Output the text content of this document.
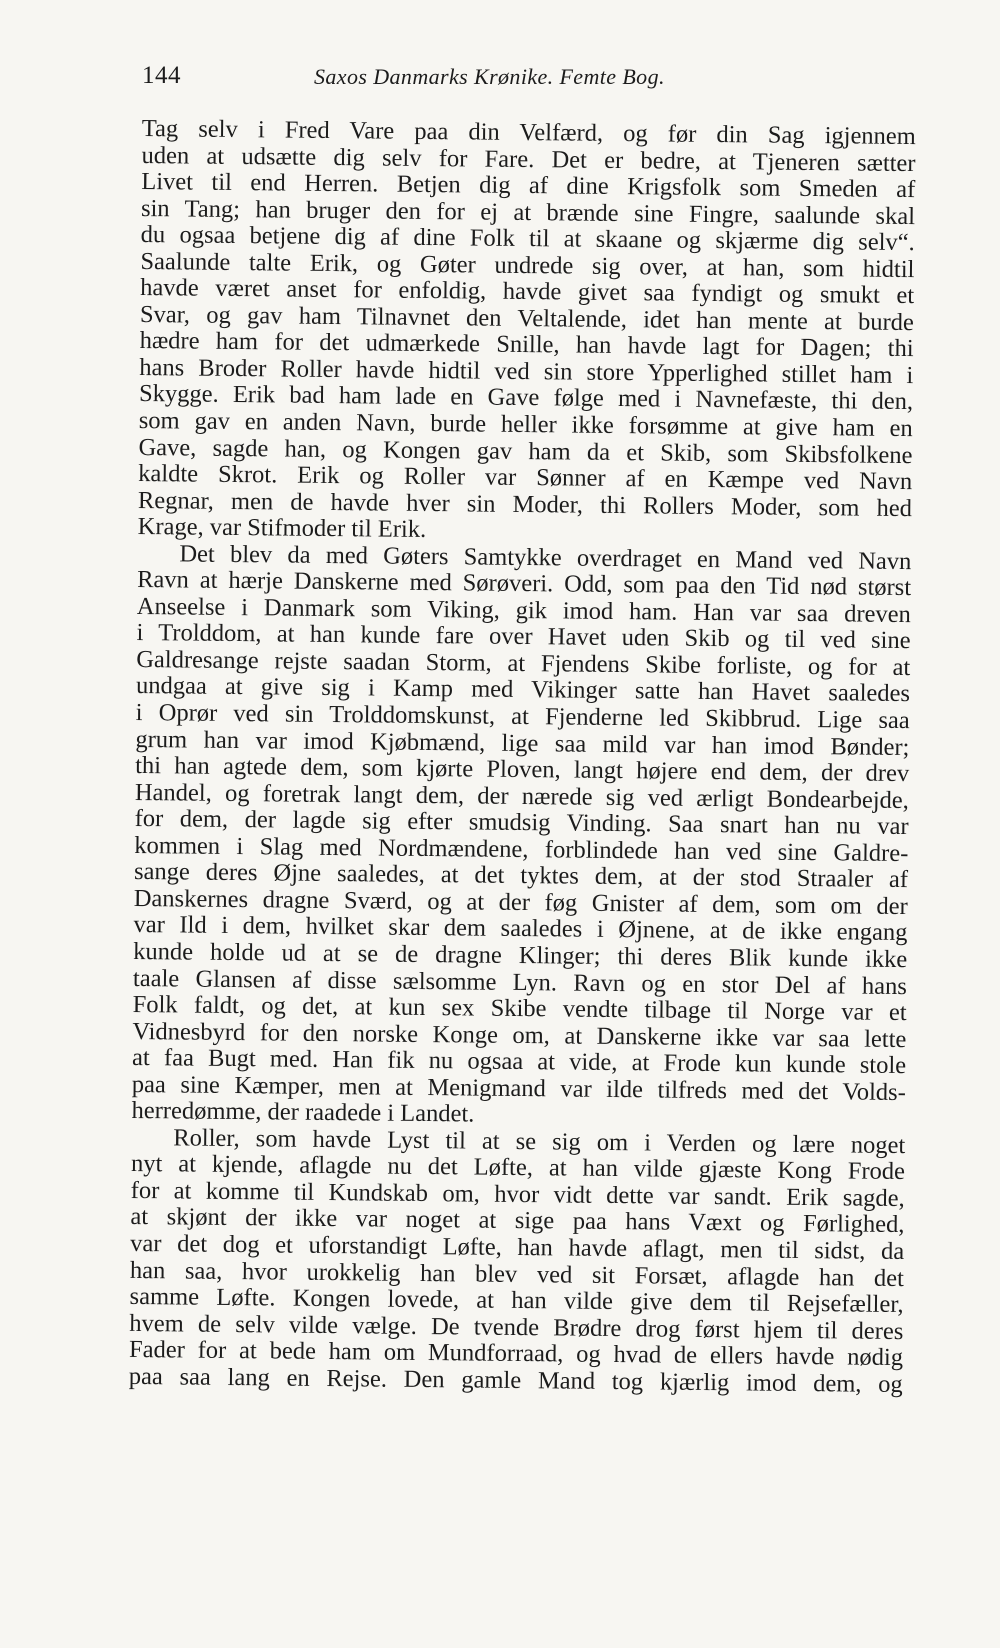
144	Saxos Danmarks Krønike. Femte Bog.
Tag selv i Fred Vare paa din Velfærd, og før din Sag igjennem
uden at udsætte dig selv for Fare. Det er bedre, at Tjeneren sætter
Livet til end Herren. Betjen dig af dine Krigsfolk som Smeden af
sin Tang; han bruger den for ej at brænde sine Fingre, saalunde skal
du ogsaa betjene dig af dine Folk til at skaane og skjærme dig selv“.
Saalunde talte Erik, og Gøter undrede sig over, at han, som hidtil
havde været anset for enfoldig, havde givet saa fyndigt og smukt et
Svar, og gav ham Tilnavnet den Veltalende, idet han mente at burde
hædre ham for det udmærkede Snille, han havde lagt for Dagen; thi
hans Broder Roller havde hidtil ved sin store Ypperlighed stillet ham i
Skygge. Erik bad ham lade en Gave følge med i Navnefæste, thi den,
som gav en anden Navn, burde heller ikke forsømme at give ham en
Gave, sagde han, og Kongen gav ham da et Skib, som Skibsfolkene
kaldte Skrot. Erik og Roller var Sønner af en Kæmpe ved Navn
Regnar, men de havde hver sin Moder, thi Rollers Moder, som hed
Krage, var Stifmoder til Erik.
Det blev da med Gøters Samtykke overdraget en Mand ved Navn
Ravn at hærje Danskerne med Sørøveri. Odd, som paa den Tid nød størst
Anseelse i Danmark som Viking, gik imod ham. Han var saa dreven
i Trolddom, at han kunde fare over Havet uden Skib og til ved sine
Galdresange rejste saadan Storm, at Fjendens Skibe forliste, og for at
undgaa at give sig i Kamp med Vikinger satte han Havet saaledes
i Oprør ved sin Trolddomskunst, at Fjenderne led Skibbrud. Lige saa
grum han var imod Kjøbmænd, lige saa mild var han imod Bønder;
thi han agtede dem, som kjørte Ploven, langt højere end dem, der drev
Handel, og foretrak langt dem, der nærede sig ved ærligt Bondearbejde,
for dem, der lagde sig efter smudsig Vinding. Saa snart han nu var
kommen i Slag med Nordmændene, forblindede han ved sine Galdre-
sange deres Øjne saaledes, at det tyktes dem, at der stod Straaler af
Danskernes dragne Sværd, og at der føg Gnister af dem, som om der
var Ild i dem, hvilket skar dem saaledes i Øjnene, at de ikke engang
kunde holde ud at se de dragne Klinger; thi deres Blik kunde ikke
taale Glansen af disse sælsomme Lyn. Ravn og en stor Del af hans
Folk faldt, og det, at kun sex Skibe vendte tilbage til Norge var et
Vidnesbyrd for den norske Konge om, at Danskerne ikke var saa lette
at faa Bugt med. Han fik nu ogsaa at vide, at Frode kun kunde stole
paa sine Kæmper, men at Menigmand var ilde tilfreds med det Volds-
herredømme, der raadede i Landet.
Roller, som havde Lyst til at se sig om i Verden og lære noget
nyt at kjende, aflagde nu det Løfte, at han vilde gjæste Kong Frode
for at komme til Kundskab om, hvor vidt dette var sandt. Erik sagde,
at skjønt der ikke var noget at sige paa hans Væxt og Førlighed,
var det dog et uforstandigt Løfte, han havde aflagt, men til sidst, da
han saa, hvor urokkelig han blev ved sit Forsæt, aflagde han det
samme Løfte. Kongen lovede, at han vilde give dem til Rejsefæller,
hvem de selv vilde vælge. De tvende Brødre drog først hjem til deres
Fader for at bede ham om Mundforraad, og hvad de ellers havde nødig
paa saa lang en Rejse. Den gamle Mand tog kjærlig imod dem, og
